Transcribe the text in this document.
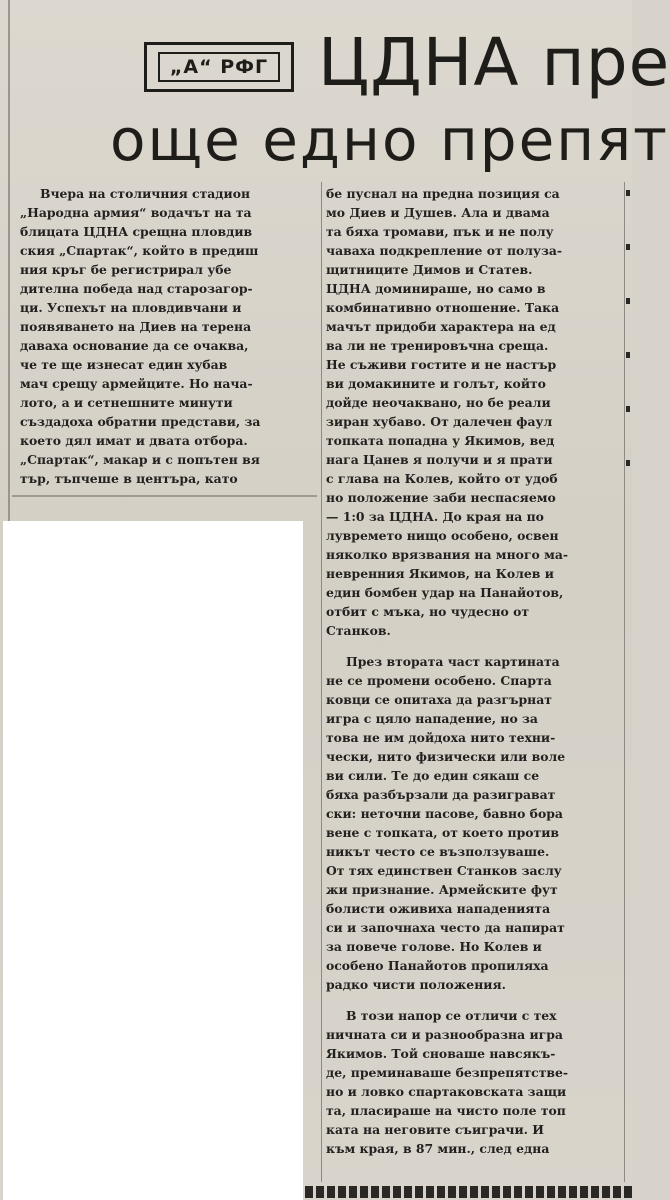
„А“ РФГ ЦДНА пре
още едно препят
Вчера на столичния стадион
„Народна армия“ водачът на та
блицата ЦДНА срещна пловдив
ския „Спартак“, който в предиш
ния кръг бе регистрирал убе
дителна победа над старозагор-
ци. Успехът на пловдивчани и
появяването на Диев на терена
даваха основание да се очаква,
че те ще изнесат един хубав
мач срещу армейците. Но нача-
лото, а и сетнешните минути
създадоха обратни представи, за
което дял имат и двата отбора.
„Спартак“, макар и с попътен вя
тър, тъпчеше в центъра, като
бе пуснал на предна позиция са
мо Диев и Душев. Ала и двама
та бяха тромави, пък и не полу
чаваха подкрепление от полуза-
щитниците Димов и Статев.
ЦДНА доминираше, но само в
комбинативно отношение. Така
мачът придоби характера на ед
ва ли не тренировъчна среща.
Не съживи гостите и не настър
ви домакините и голът, който
дойде неочаквано, но бе реали
зиран хубаво. От далечен фаул
топката попадна у Якимов, вед
нага Цанев я получи и я прати
с глава на Колев, който от удоб
но положение заби неспасяемо
— 1:0 за ЦДНА. До края на по
лувремето нищо особено, освен
няколко врязвания на много ма-
невренния Якимов, на Колев и
един бомбен удар на Панайотов,
отбит с мъка, но чудесно от
Станков.
През втората част картината
не се промени особено. Спарта
ковци се опитаха да разгърнат
игра с цяло нападение, но за
това не им дойдоха нито техни-
чески, нито физически или воле
ви сили. Те до един сякаш се
бяха разбързали да разиграват
ски: неточни пасове, бавно бора
вене с топката, от което против
никът често се възползуваше.
От тях единствен Станков заслу
жи признание. Армейските фут
болисти оживиха нападенията
си и започнаха често да напират
за повече голове. Но Колев и
особено Панайотов пропиляха
радко чисти положения.
В този напор се отличи с тех
ничната си и разнообразна игра
Якимов. Той сноваше навсякъ-
де, преминаваше безпрепятстве-
но и ловко спартаковската защи
та, пласираше на чисто поле топ
ката на неговите съиграчи. И
към края, в 87 мин., след една
